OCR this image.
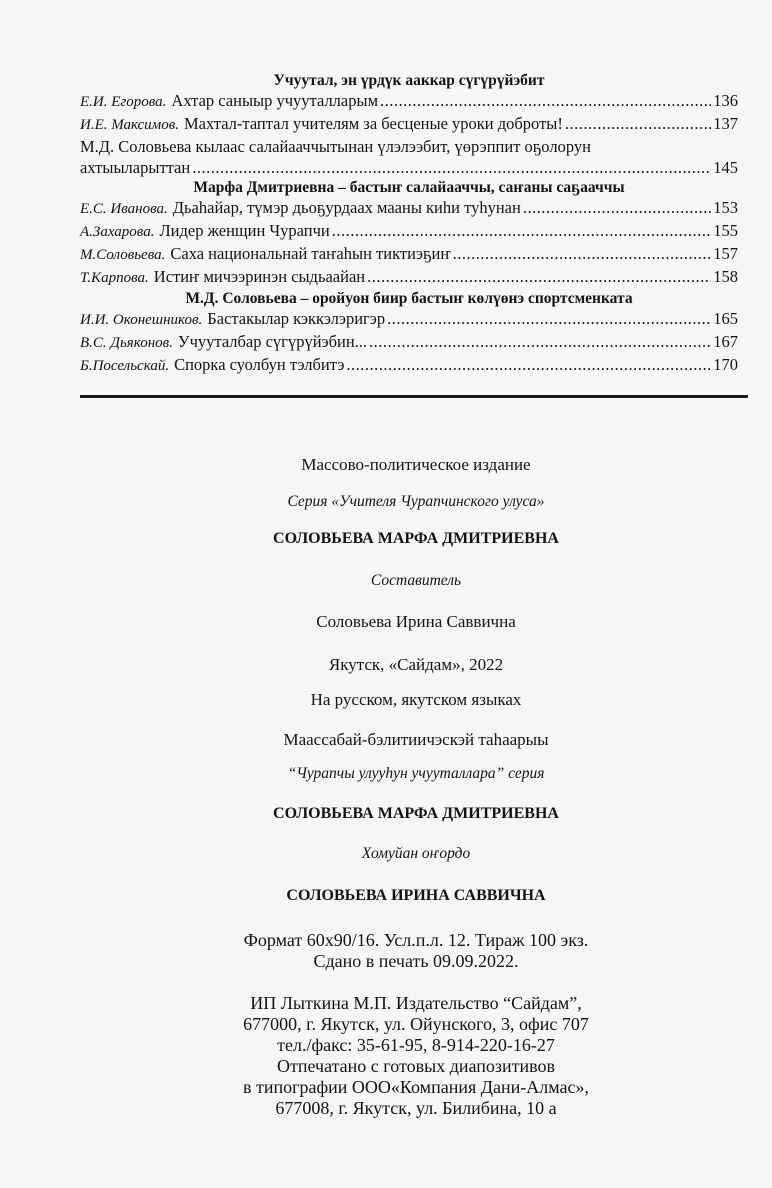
Учуутал, эн үрдүк ааккар сүгүрүйэбит
Е.И. Егорова. Ахтар саныыр учууталларым .....	136
И.Е. Максимов. Махтал-таптал учителям за бесценые уроки доброты! .....	137
М.Д. Соловьева кылаас салайааччытынан үлэлээбит, үөрэппит оҕолорун
ахтыыларыттан .....	145
Марфа Дмитриевна – бастыҥ салайааччы, саҥаны саҕааччы
Е.С. Иванова. Дьаһайар, түмэр дьоҕурдаах мааны киһи туһунан .....	153
А.Захарова. Лидер женщин Чурапчи .....	155
М.Соловьева. Саха национальнай таҥаһын тиктиэҕиҥ .....	157
Т.Карпова. Истиҥ мичээринэн сыдьаайан .....	158
М.Д. Соловьева – оройуон биир бастыҥ көлүөнэ спортсменката
И.И. Оконешников. Бастакылар кэккэлэригэр .....	165
В.С. Дьяконов. Учууталбар сүгүрүйэбин... .....	167
Б.Посельскай. Спорка суолбун тэлбитэ .....	170
Массово-политическое издание
Серия «Учителя Чурапчинского улуса»
СОЛОВЬЕВА МАРФА ДМИТРИЕВНА
Составитель
Соловьева Ирина Саввична
Якутск, «Сайдам», 2022
На русском, якутском языках
Маассабай-бэлитиичэскэй таһаарыы
“Чурапчы улууһун учууталлара” серия
СОЛОВЬЕВА МАРФА ДМИТРИЕВНА
Хомуйан оҥордо
СОЛОВЬЕВА ИРИНА САВВИЧНА
Формат 60х90/16. Усл.п.л. 12. Тираж 100 экз.
Сдано в печать 09.09.2022.
ИП Лыткина М.П. Издательство “Сайдам”,
677000, г. Якутск, ул. Ойунского, 3, офис 707
тел./факс: 35-61-95, 8-914-220-16-27
Отпечатано с готовых диапозитивов
в типографии ООО«Компания Дани-Алмас»,
677008, г. Якутск, ул. Билибина, 10 а
